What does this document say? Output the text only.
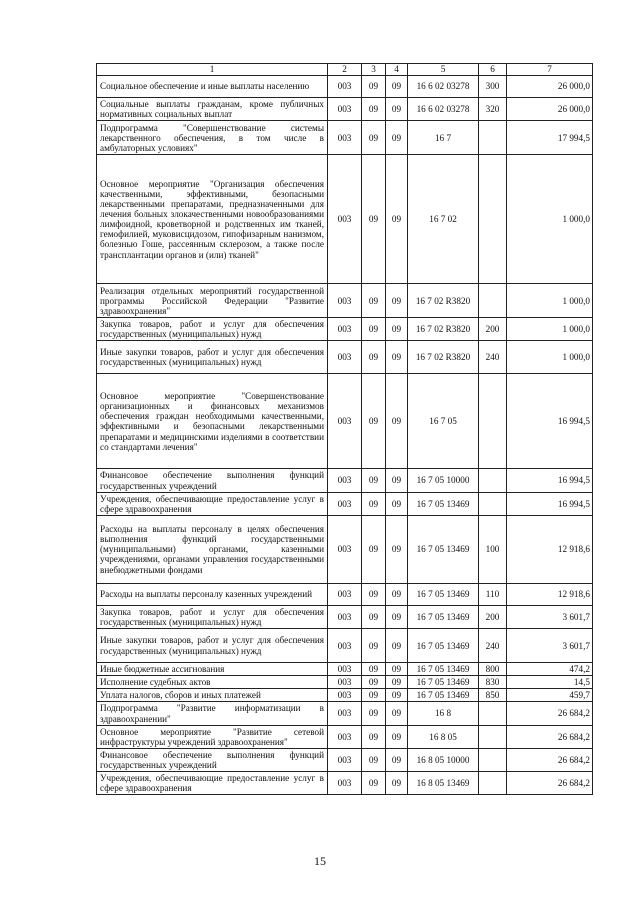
1	2	3	4	5	6	7
Социальное обеспечение и иные выплаты населению	003	09	09	16 6 02 03278	300	26 000,0
Социальные выплаты гражданам, кроме публичных нормативных социальных выплат	003	09	09	16 6 02 03278	320	26 000,0
Подпрограмма "Совершенствование системы лекарственного обеспечения, в том числе в амбулаторных условиях"	003	09	09	16 7		17 994,5
Основное мероприятие "Организация обеспечения качественными, эффективными, безопасными лекарственными препаратами, предназначенными для лечения больных злокачественными новообразованиями лимфоидной, кроветворной и родственных им тканей, гемофилией, муковисцидозом, гипофизарным нанизмом, болезнью Гоше, рассеянным склерозом, а также после трансплантации органов и (или) тканей"	003	09	09	16 7 02		1 000,0
Реализация отдельных мероприятий государственной программы Российской Федерации "Развитие здравоохранения"	003	09	09	16 7 02 R3820		1 000,0
Закупка товаров, работ и услуг для обеспечения государственных (муниципальных) нужд	003	09	09	16 7 02 R3820	200	1 000,0
Иные закупки товаров, работ и услуг для обеспечения государственных (муниципальных) нужд	003	09	09	16 7 02 R3820	240	1 000,0
Основное мероприятие "Совершенствование организационных и финансовых механизмов обеспечения граждан необходимыми качественными, эффективными и безопасными лекарственными препаратами и медицинскими изделиями в соответствии со стандартами лечения"	003	09	09	16 7 05		16 994,5
Финансовое обеспечение выполнения функций государственных учреждений	003	09	09	16 7 05 10000		16 994,5
Учреждения, обеспечивающие предоставление услуг в сфере здравоохранения	003	09	09	16 7 05 13469		16 994,5
Расходы на выплаты персоналу в целях обеспечения выполнения функций государственными (муниципальными) органами, казенными учреждениями, органами управления государственными внебюджетными фондами	003	09	09	16 7 05 13469	100	12 918,6
Расходы на выплаты персоналу казенных учреждений	003	09	09	16 7 05 13469	110	12 918,6
Закупка товаров, работ и услуг для обеспечения государственных (муниципальных) нужд	003	09	09	16 7 05 13469	200	3 601,7
Иные закупки товаров, работ и услуг для обеспечения государственных (муниципальных) нужд	003	09	09	16 7 05 13469	240	3 601,7
Иные бюджетные ассигнования	003	09	09	16 7 05 13469	800	474,2
Исполнение судебных актов	003	09	09	16 7 05 13469	830	14,5
Уплата налогов, сборов и иных платежей	003	09	09	16 7 05 13469	850	459,7
Подпрограмма "Развитие информатизации в здравоохранении"	003	09	09	16 8		26 684,2
Основное мероприятие "Развитие сетевой инфраструктуры учреждений здравоохранения"	003	09	09	16 8 05		26 684,2
Финансовое обеспечение выполнения функций государственных учреждений	003	09	09	16 8 05 10000		26 684,2
Учреждения, обеспечивающие предоставление услуг в сфере здравоохранения	003	09	09	16 8 05 13469		26 684,2
15
